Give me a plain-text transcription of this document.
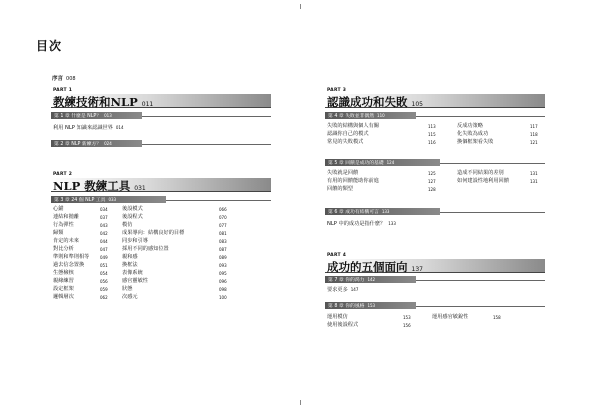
目次
序言 008
PART 1
教練技術和NLP 011
第 1 章 什麼是 NLP？ 013
利用 NLP 知識來認識世界 014
第 2 章 NLP 新練方？ 024
PART 2
NLP 教練工具 031
第 3 章 24 個 NLP 工具 033
心錨	034
連結和拋離	037
行為彈性	043
歸類	042
肯定的未來	044
對比分析	047
準則和準則相等	049
過去信念置換	051
生態檢核	054
親緣練習	056
設定框架	059
邏輯層次	062
後設模式	066
後設程式	070
模仿	077
成果導向：結構良好的目標	081
同步和引導	083
採用不同的感知位置	087
親和感	089
換框法	093
表像系統	095
感官靈敏性	096
狀態	098
次感元	100
PART 3
認識成功和失敗 105
第 4 章 失敗並非偶然 110
失敗的結構與個人有關	113
認識你自己的模式	115
常見的失敗模式	116
反成功策略	117
化失敗為成功	118
換個框架看失敗	121
第 5 章 回饋是成功的基礎 124
失敗就是回饋	125
有用的回饋能助你前進	127
回饋的類型	128
造成不同結果的差別	131
如何建設性地利用回饋	131
第 6 章 成功有結構可言 133
NLP 中的成功是指什麼？ 133
PART 4
成功的五個面向 137
第 7 章 你的渴力 142
要求更多 147
第 8 章 你的風格 153
運用模仿	153
使用後設程式	156
運用感官敏銳性	158
